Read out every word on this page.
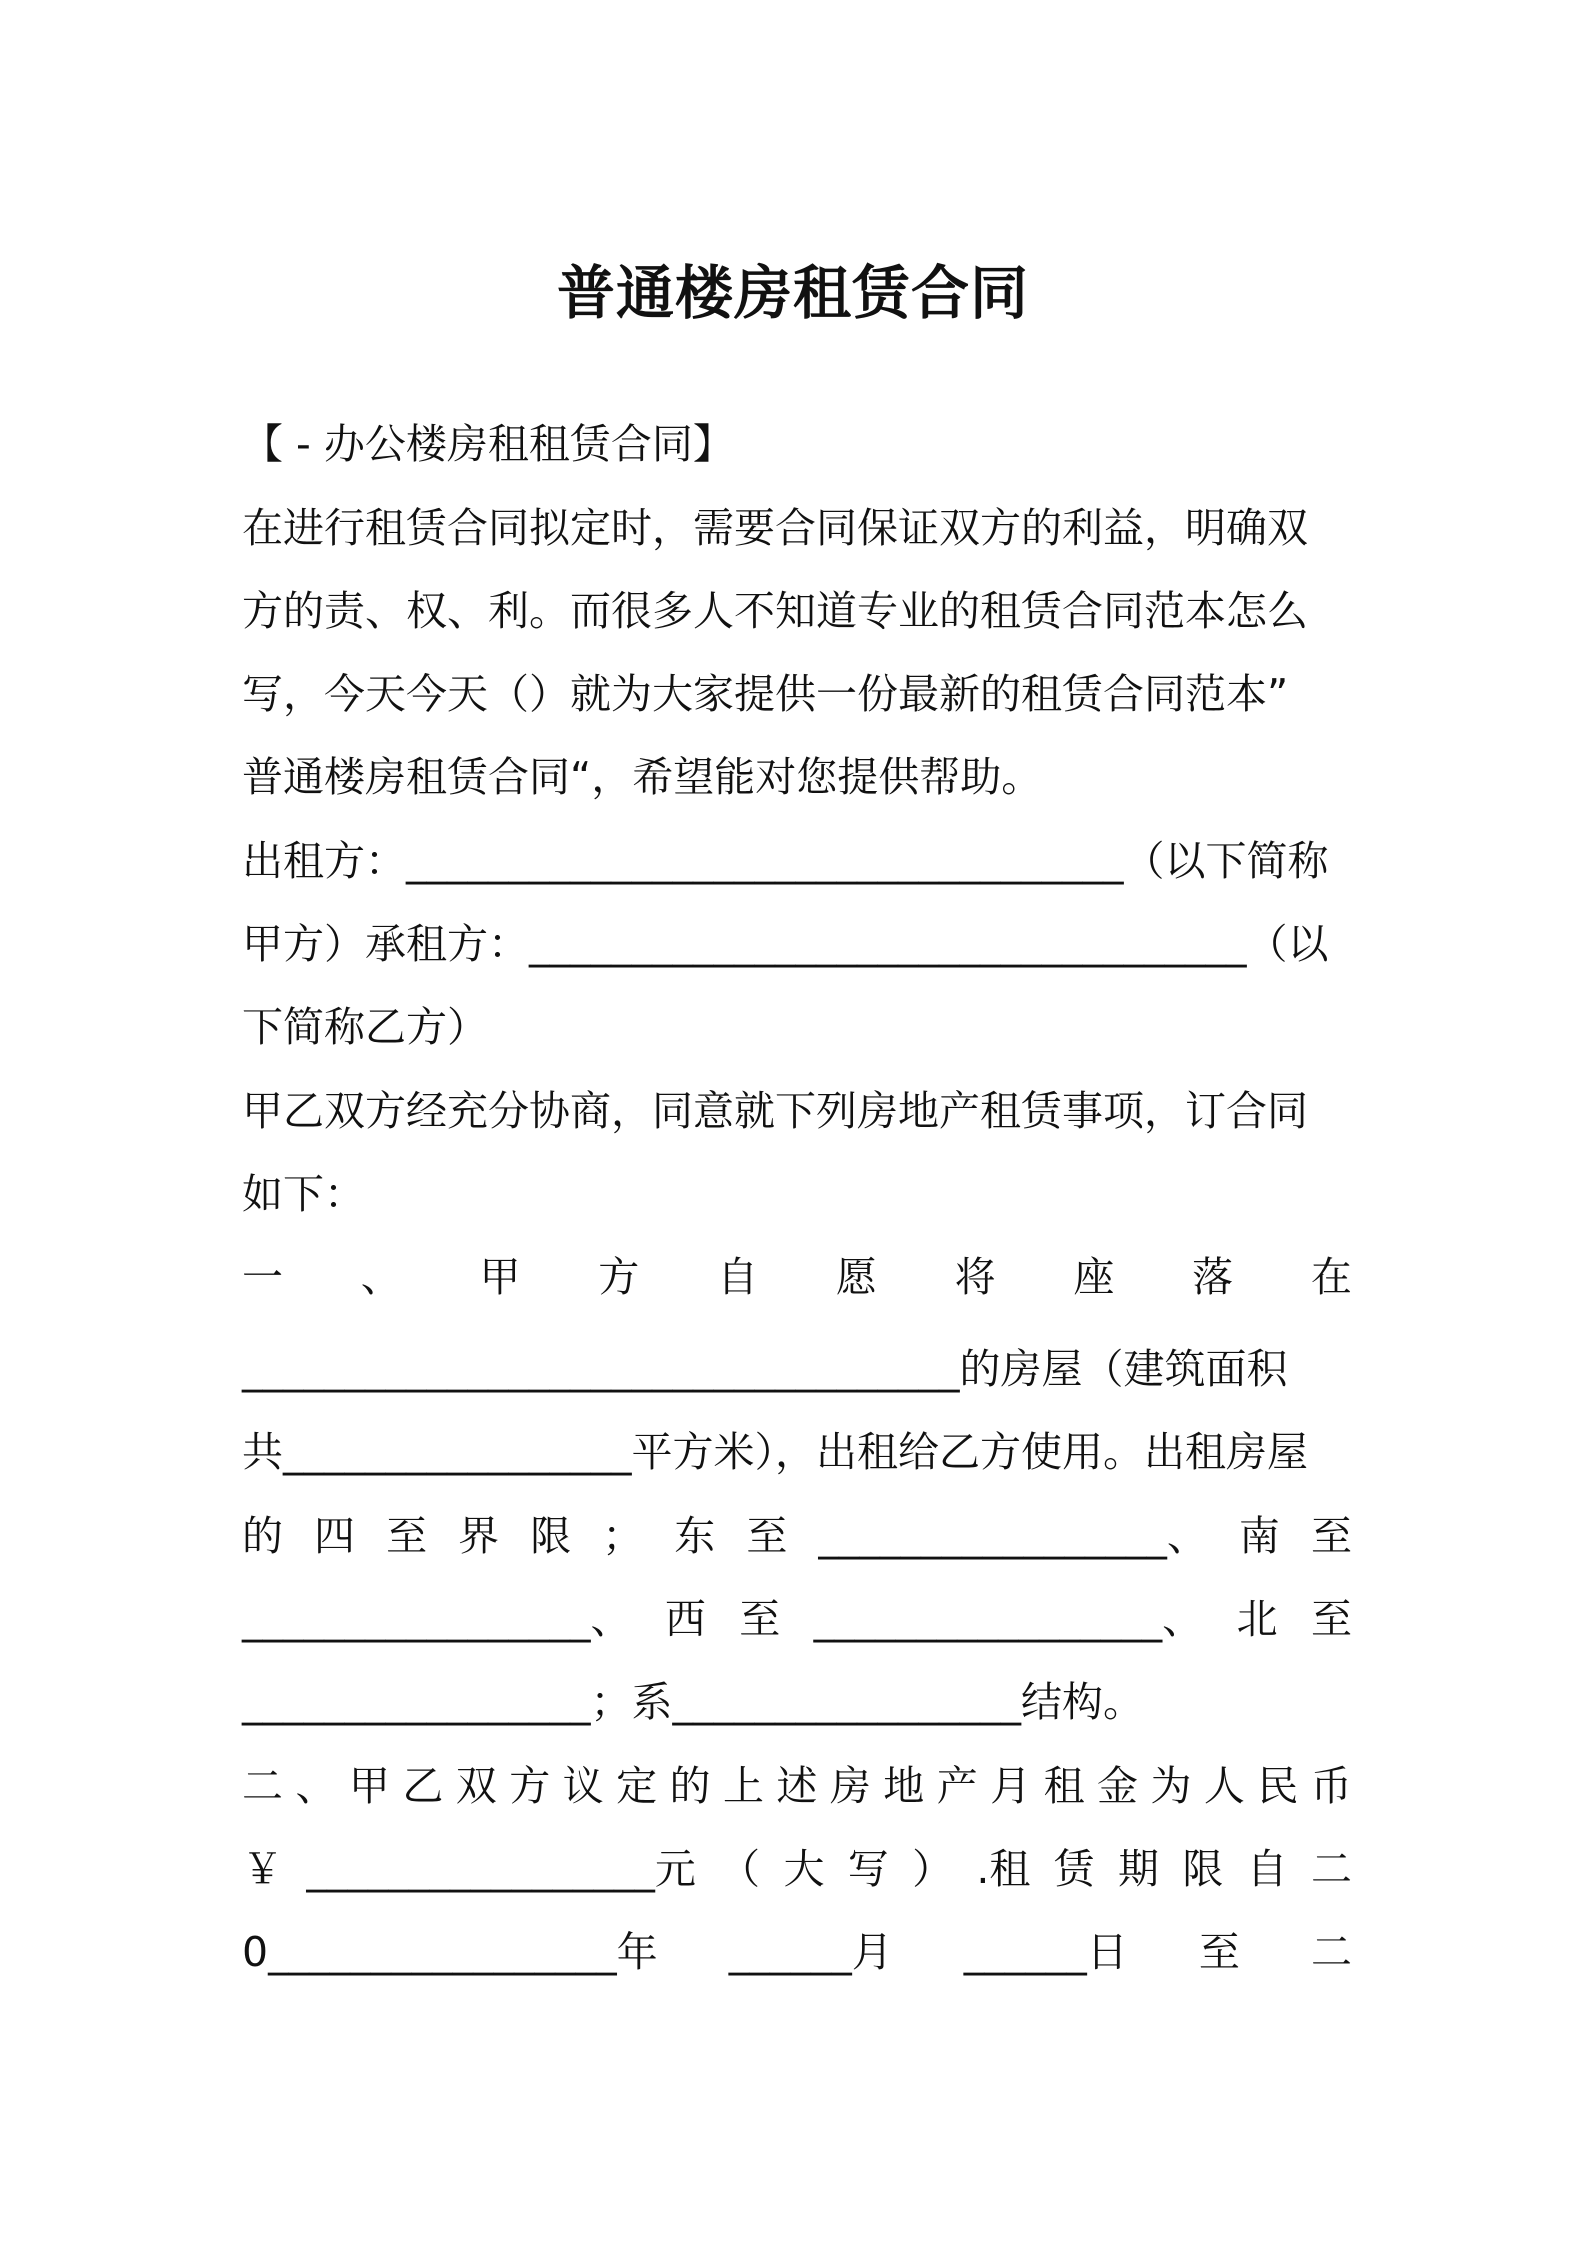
普通楼房租赁合同
【 - 办公楼房租租赁合同】
在进行租赁合同拟定时，需要合同保证双方的利益，明确双
方的责、权、利。而很多人不知道专业的租赁合同范本怎么
写，今天今天（）就为大家提供一份最新的租赁合同范本”
普通楼房租赁合同“，希望能对您提供帮助。
出租方：___________________________________（以下简称
甲方）承租方：___________________________________（以
下简称乙方）
甲乙双方经充分协商，同意就下列房地产租赁事项，订合同
如下：
一 、 甲 方 自 愿 将 座 落 在
___________________________________的房屋（建筑面积
共_________________平方米），出租给乙方使用。出租房屋
的 四 至 界 限 ； 东 至 _________________、 南 至
_________________、 西 至 _________________、 北 至
_________________；系_________________结构。
二 、 甲 乙 双 方 议 定 的 上 述 房 地 产 月 租 金 为 人 民 币
￥ _________________元 （ 大 写 ） .租 赁 期 限 自 二
0_________________年 ______月 ______日 至 二
